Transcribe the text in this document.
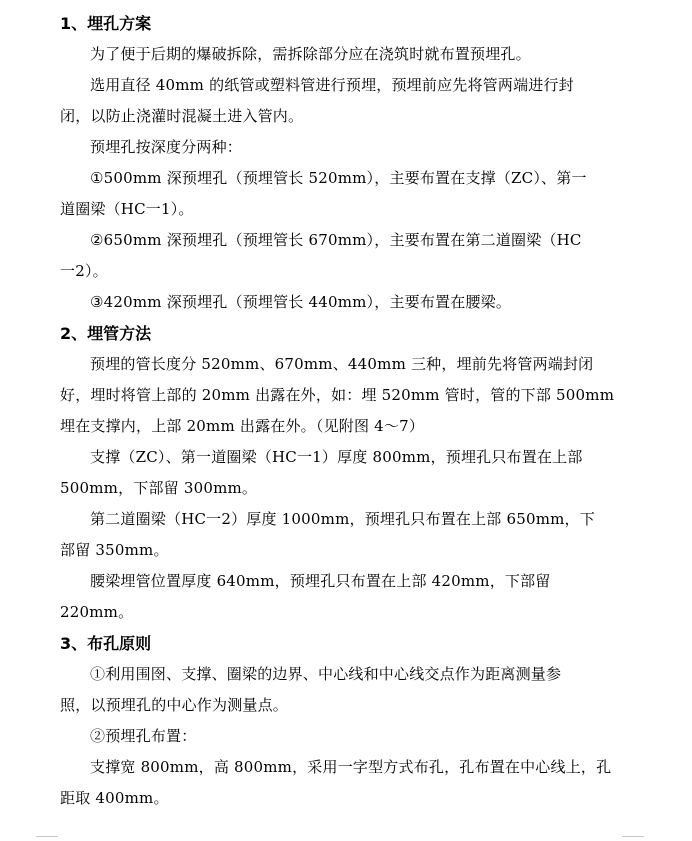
1、埋孔方案
为了便于后期的爆破拆除，需拆除部分应在浇筑时就布置预埋孔。
选用直径 40mm 的纸管或塑料管进行预埋，预埋前应先将管两端进行封
闭，以防止浇灌时混凝土进入管内。
预埋孔按深度分两种：
①500mm 深预埋孔（预埋管长 520mm），主要布置在支撑（ZC）、第一
道圈梁（HC一1）。
②650mm 深预埋孔（预埋管长 670mm），主要布置在第二道圈梁（HC
一2）。
③420mm 深预埋孔（预埋管长 440mm），主要布置在腰梁。
2、埋管方法
预埋的管长度分 520mm、670mm、440mm 三种，埋前先将管两端封闭
好，埋时将管上部的 20mm 出露在外，如：埋 520mm 管时，管的下部 500mm
埋在支撑内，上部 20mm 出露在外。（见附图 4～7）
支撑（ZC）、第一道圈梁（HC一1）厚度 800mm，预埋孔只布置在上部
500mm，下部留 300mm。
第二道圈梁（HC一2）厚度 1000mm，预埋孔只布置在上部 650mm，下
部留 350mm。
腰梁埋管位置厚度 640mm，预埋孔只布置在上部 420mm，下部留
220mm。
3、布孔原则
①利用围囹、支撑、圈梁的边界、中心线和中心线交点作为距离测量参
照，以预埋孔的中心作为测量点。
②预埋孔布置：
支撑宽 800mm，高 800mm，采用一字型方式布孔，孔布置在中心线上，孔
距取 400mm。
